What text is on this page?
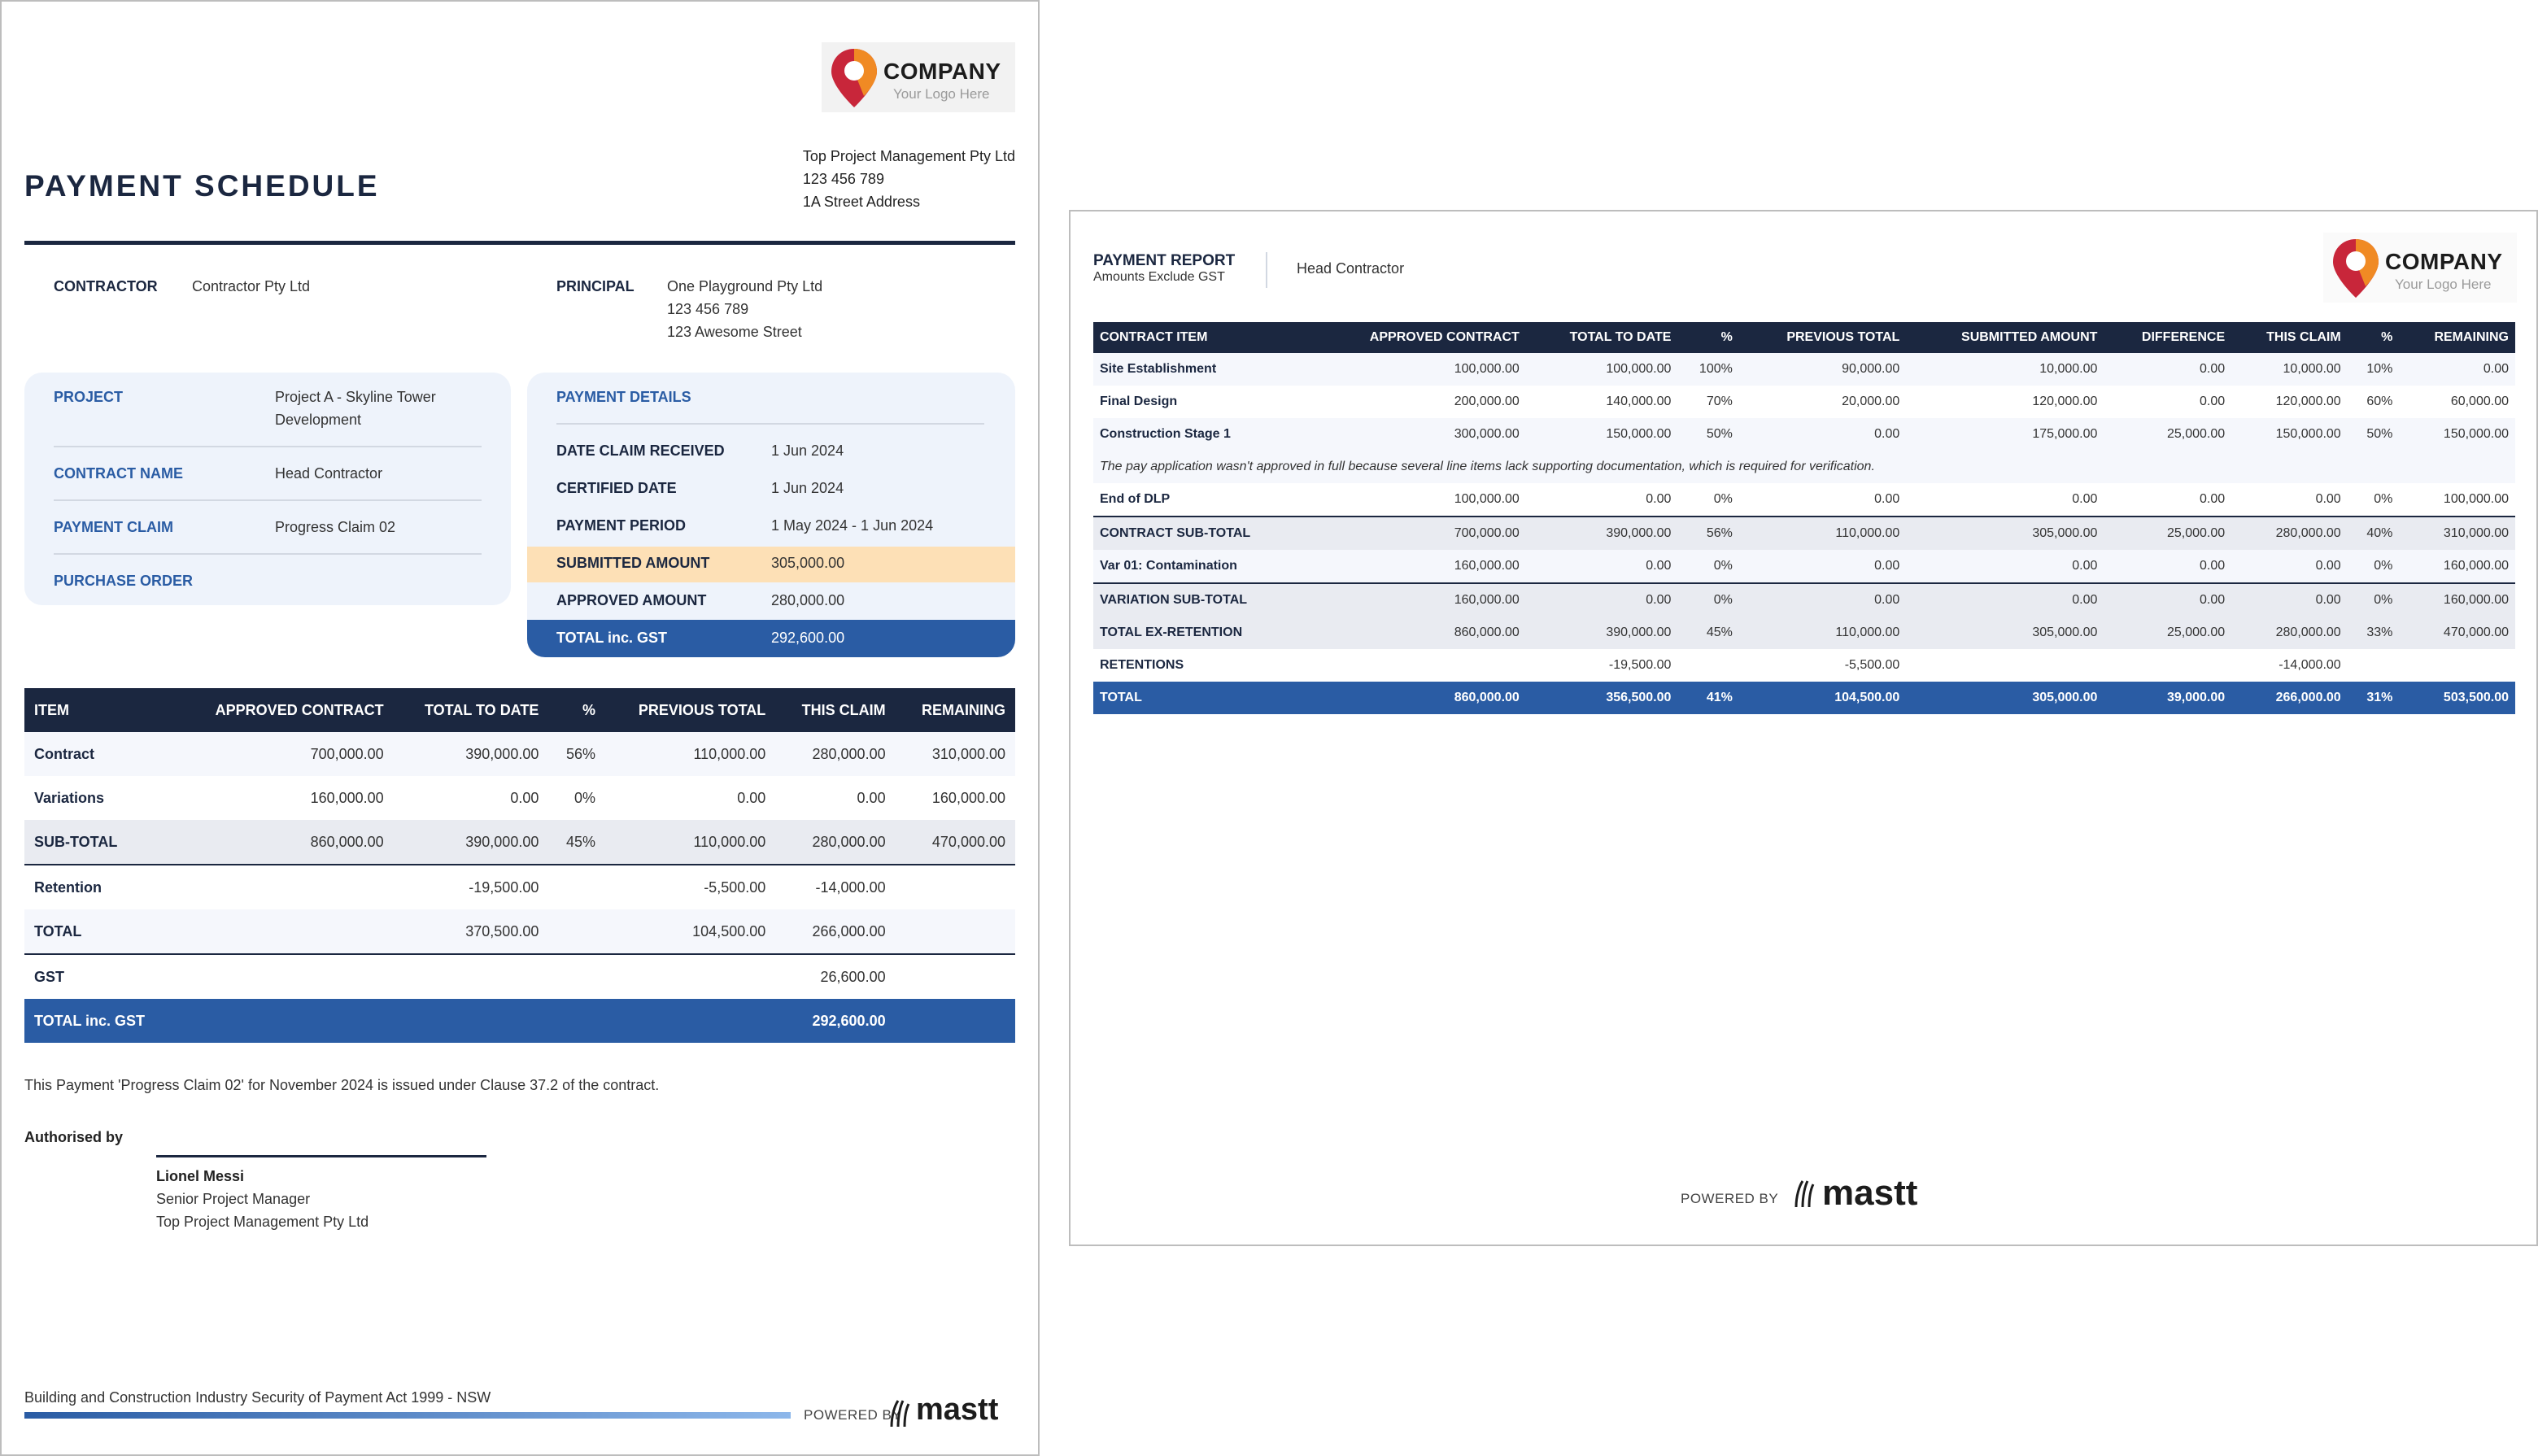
COMPANY
Your Logo Here
PAYMENT SCHEDULE
Top Project Management Pty Ltd
123 456 789
1A Street Address
CONTRACTOR Contractor Pty Ltd	PRINCIPAL One Playground Pty Ltd
123 456 789
123 Awesome Street
PROJECT	Project A - Skyline Tower Development
CONTRACT NAME	Head Contractor
PAYMENT CLAIM	Progress Claim 02
PURCHASE ORDER
PAYMENT DETAILS
DATE CLAIM RECEIVED	1 Jun 2024
CERTIFIED DATE	1 Jun 2024
PAYMENT PERIOD	1 May 2024 - 1 Jun 2024
SUBMITTED AMOUNT	305,000.00
APPROVED AMOUNT	280,000.00
TOTAL inc. GST	292,600.00
ITEM	APPROVED CONTRACT	TOTAL TO DATE	%	PREVIOUS TOTAL	THIS CLAIM	REMAINING
Contract	700,000.00	390,000.00	56%	110,000.00	280,000.00	310,000.00
Variations	160,000.00	0.00	0%	0.00	0.00	160,000.00
SUB-TOTAL	860,000.00	390,000.00	45%	110,000.00	280,000.00	470,000.00
Retention		-19,500.00		-5,500.00	-14,000.00	
TOTAL		370,500.00		104,500.00	266,000.00	
GST					26,600.00	
TOTAL inc. GST					292,600.00	
This Payment 'Progress Claim 02' for November 2024 is issued under Clause 37.2 of the contract.
Authorised by
Lionel Messi
Senior Project Manager
Top Project Management Pty Ltd
Building and Construction Industry Security of Payment Act 1999 - NSW
POWERED BY mastt
PAYMENT REPORT
Amounts Exclude GST
Head Contractor	COMPANY
Your Logo Here
CONTRACT ITEM	APPROVED CONTRACT	TOTAL TO DATE	%	PREVIOUS TOTAL	SUBMITTED AMOUNT	DIFFERENCE	THIS CLAIM	%	REMAINING
Site Establishment	100,000.00	100,000.00	100%	90,000.00	10,000.00	0.00	10,000.00	10%	0.00
Final Design	200,000.00	140,000.00	70%	20,000.00	120,000.00	0.00	120,000.00	60%	60,000.00
Construction Stage 1	300,000.00	150,000.00	50%	0.00	175,000.00	25,000.00	150,000.00	50%	150,000.00
The pay application wasn't approved in full because several line items lack supporting documentation, which is required for verification.									
End of DLP	100,000.00	0.00	0%	0.00	0.00	0.00	0.00	0%	100,000.00
CONTRACT SUB-TOTAL	700,000.00	390,000.00	56%	110,000.00	305,000.00	25,000.00	280,000.00	40%	310,000.00
Var 01: Contamination	160,000.00	0.00	0%	0.00	0.00	0.00	0.00	0%	160,000.00
VARIATION SUB-TOTAL	160,000.00	0.00	0%	0.00	0.00	0.00	0.00	0%	160,000.00
TOTAL EX-RETENTION	860,000.00	390,000.00	45%	110,000.00	305,000.00	25,000.00	280,000.00	33%	470,000.00
RETENTIONS		-19,500.00		-5,500.00			-14,000.00		
TOTAL	860,000.00	356,500.00	41%	104,500.00	305,000.00	39,000.00	266,000.00	31%	503,500.00
POWERED BY mastt
